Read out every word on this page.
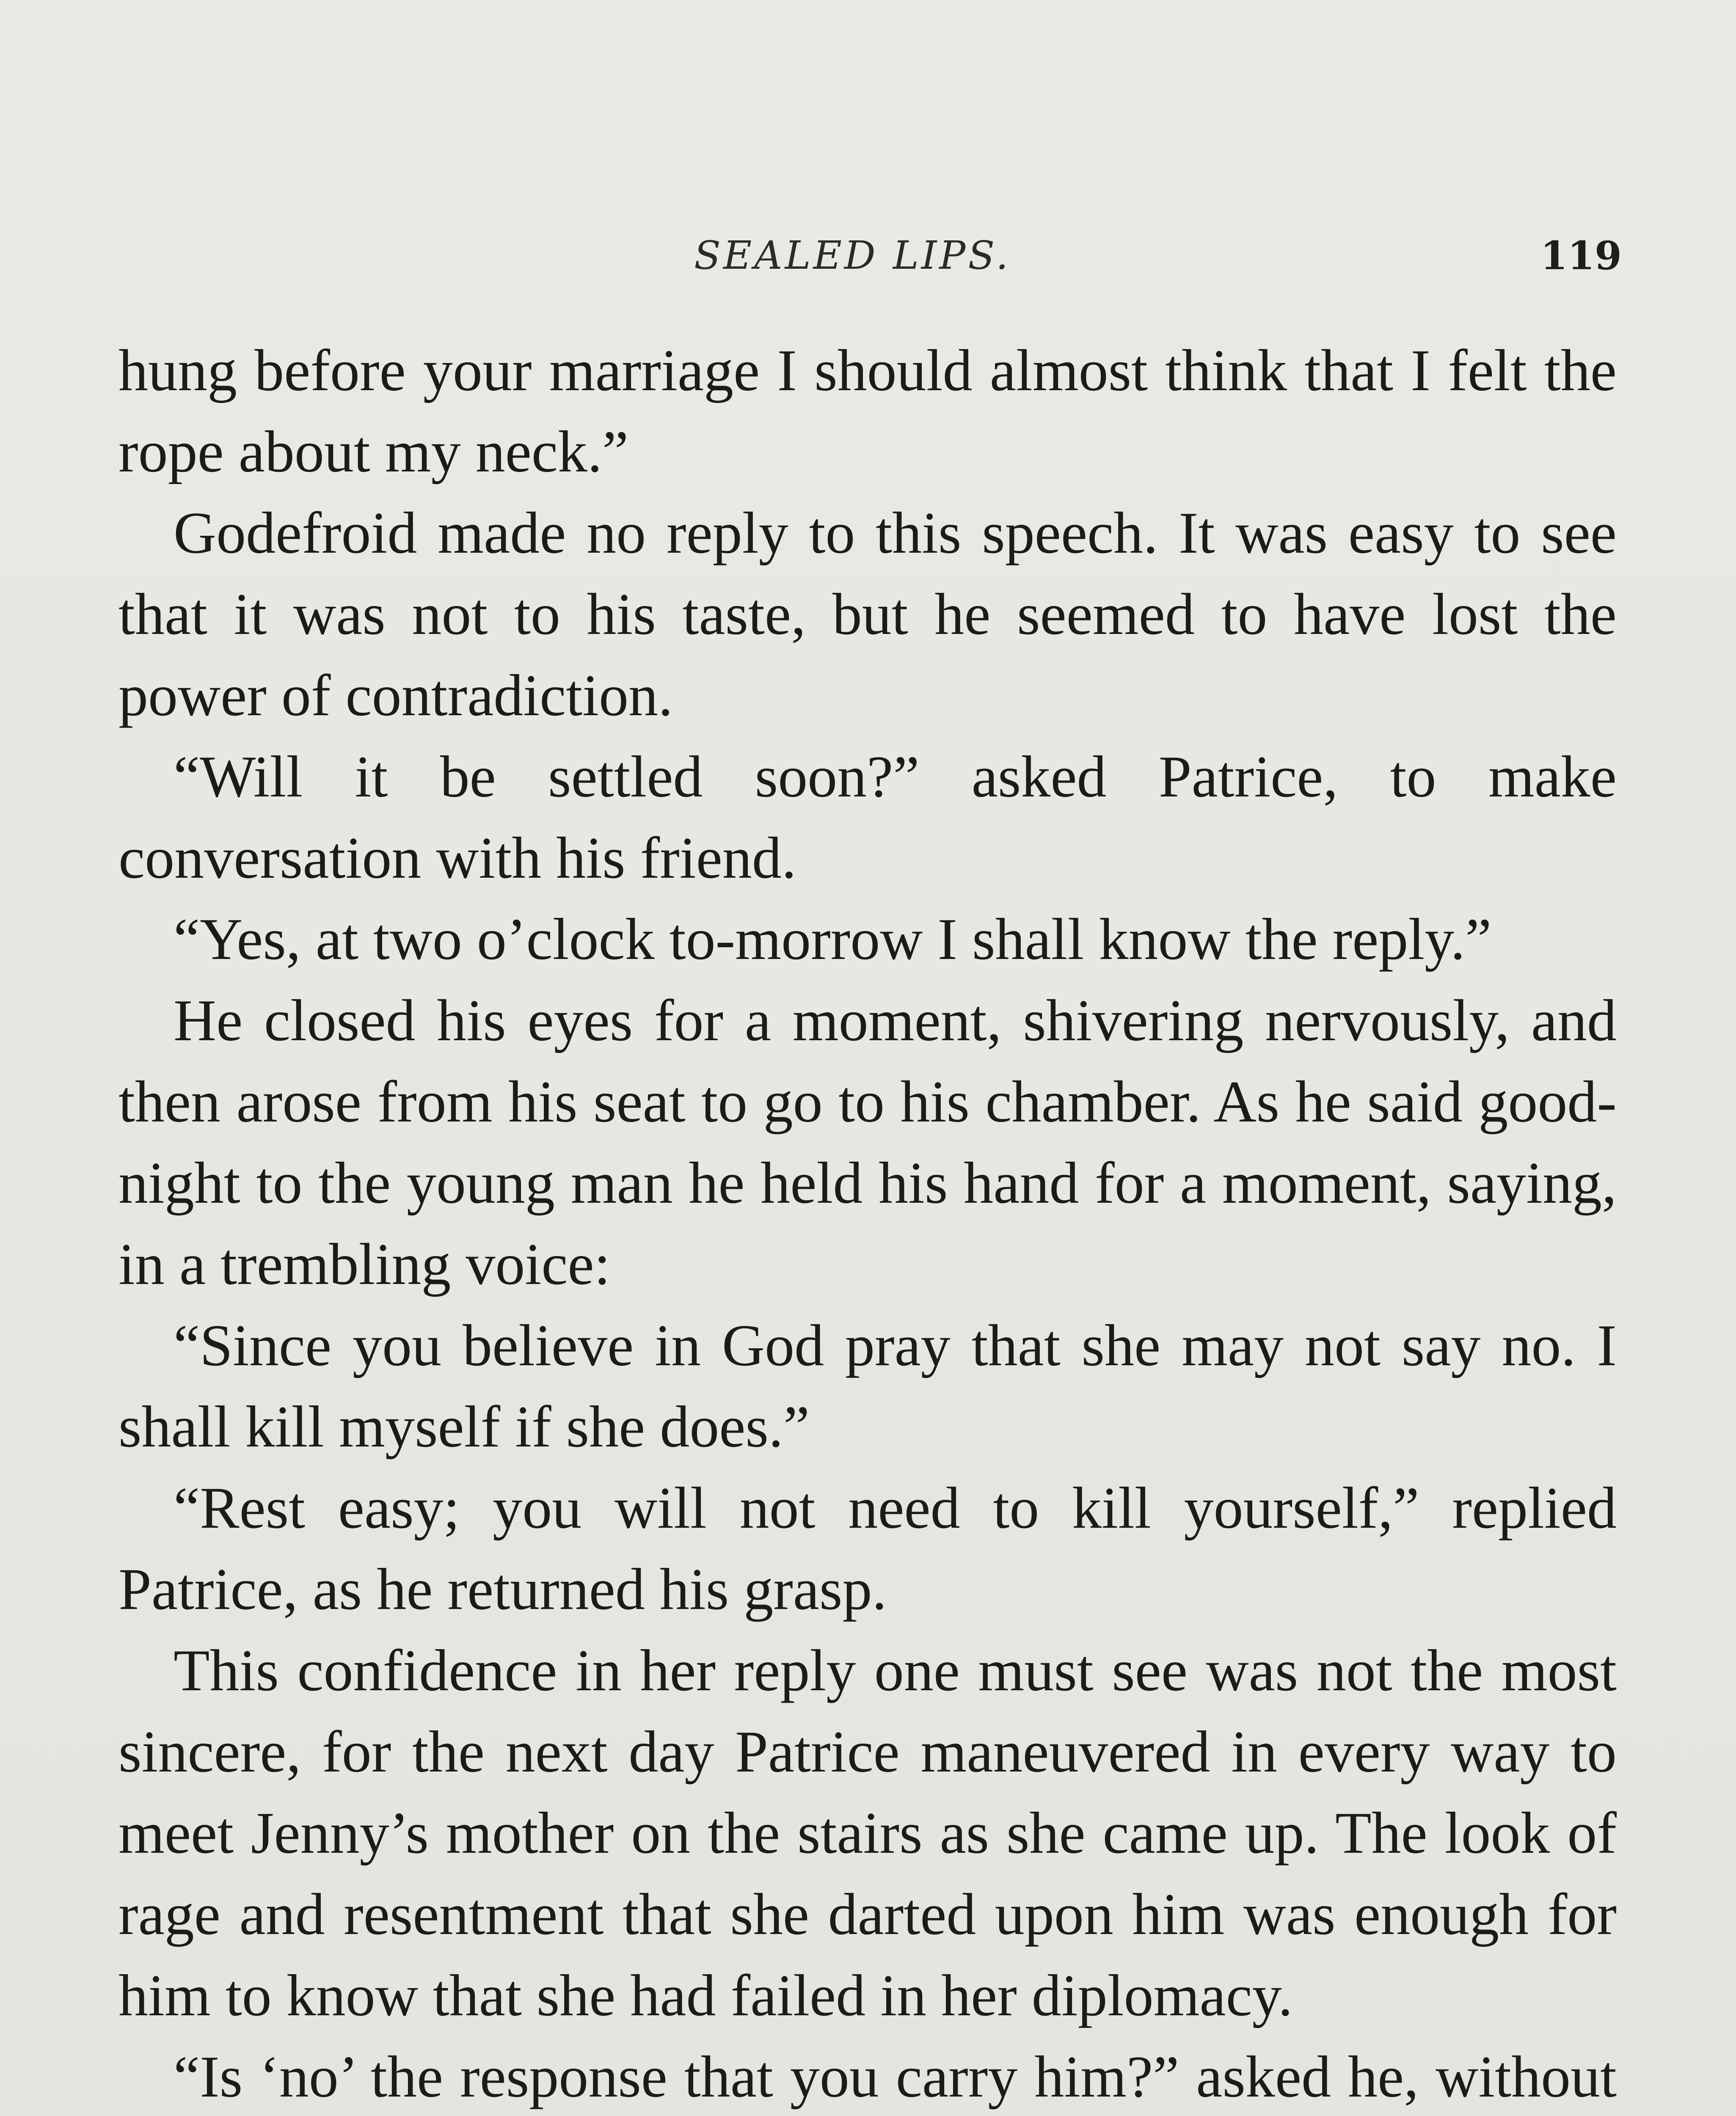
SEALED LIPS.	119

hung before your marriage I should almost think that I felt the rope about my neck.”

Godefroid made no reply to this speech. It was easy to see that it was not to his taste, but he seemed to have lost the power of contradiction.

“Will it be settled soon?” asked Patrice, to make conversation with his friend.

“Yes, at two o’clock to-morrow I shall know the reply.”

He closed his eyes for a moment, shivering nervously, and then arose from his seat to go to his chamber. As he said good-night to the young man he held his hand for a moment, saying, in a trembling voice:

“Since you believe in God pray that she may not say no. I shall kill myself if she does.”

“Rest easy; you will not need to kill yourself,” replied Patrice, as he returned his grasp.

This confidence in her reply one must see was not the most sincere, for the next day Patrice maneuvered in every way to meet Jenny’s mother on the stairs as she came up. The look of rage and resentment that she darted upon him was enough for him to know that she had failed in her diplomacy.

“Is ‘no’ the response that you carry him?” asked he, without
